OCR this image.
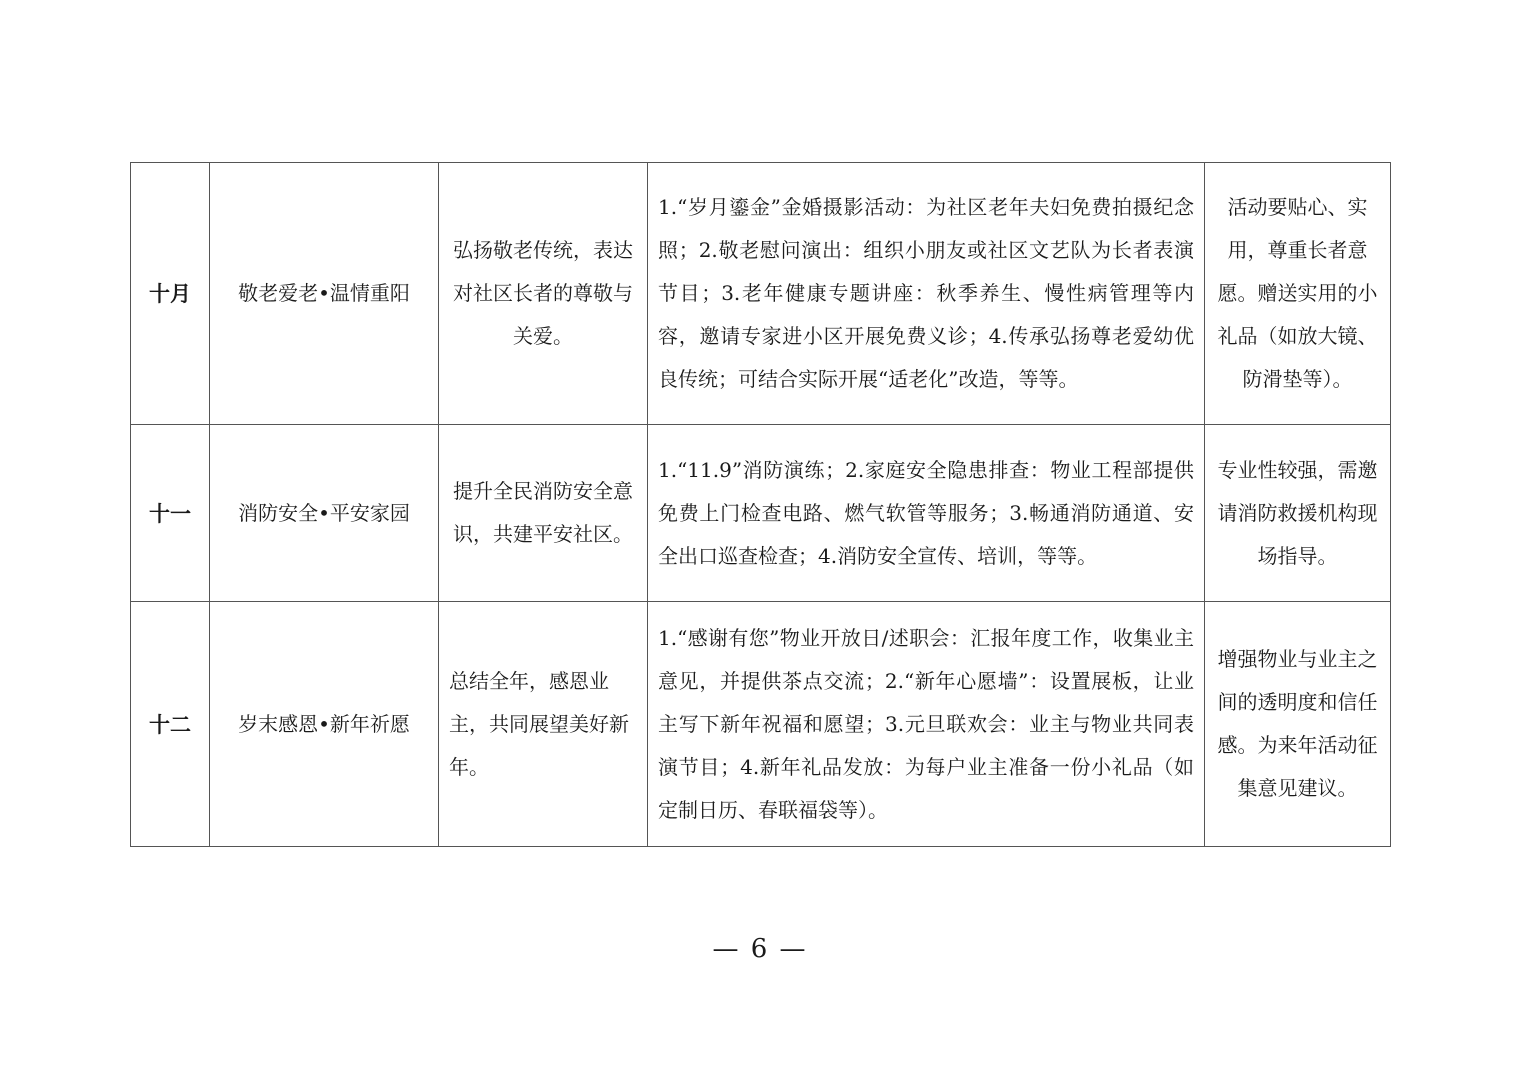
十月	敬老爱老•温情重阳	弘扬敬老传统，表达对社区长者的尊敬与关爱。	1.“岁月鎏金”金婚摄影活动：为社区老年夫妇免费拍摄纪念照；2.敬老慰问演出：组织小朋友或社区文艺队为长者表演节目；3.老年健康专题讲座：秋季养生、慢性病管理等内容，邀请专家进小区开展免费义诊；4.传承弘扬尊老爱幼优良传统；可结合实际开展“适老化”改造，等等。	活动要贴心、实用，尊重长者意愿。赠送实用的小礼品（如放大镜、防滑垫等）。
十一	消防安全•平安家园	提升全民消防安全意识，共建平安社区。	1.“11.9”消防演练；2.家庭安全隐患排查：物业工程部提供免费上门检查电路、燃气软管等服务；3.畅通消防通道、安全出口巡查检查；4.消防安全宣传、培训，等等。	专业性较强，需邀请消防救援机构现场指导。
十二	岁末感恩•新年祈愿	总结全年，感恩业主，共同展望美好新年。	1.“感谢有您”物业开放日/述职会：汇报年度工作，收集业主意见，并提供茶点交流；2.“新年心愿墙”：设置展板，让业主写下新年祝福和愿望；3.元旦联欢会：业主与物业共同表演节目；4.新年礼品发放：为每户业主准备一份小礼品（如定制日历、春联福袋等）。	增强物业与业主之间的透明度和信任感。为来年活动征集意见建议。
— 6 —
